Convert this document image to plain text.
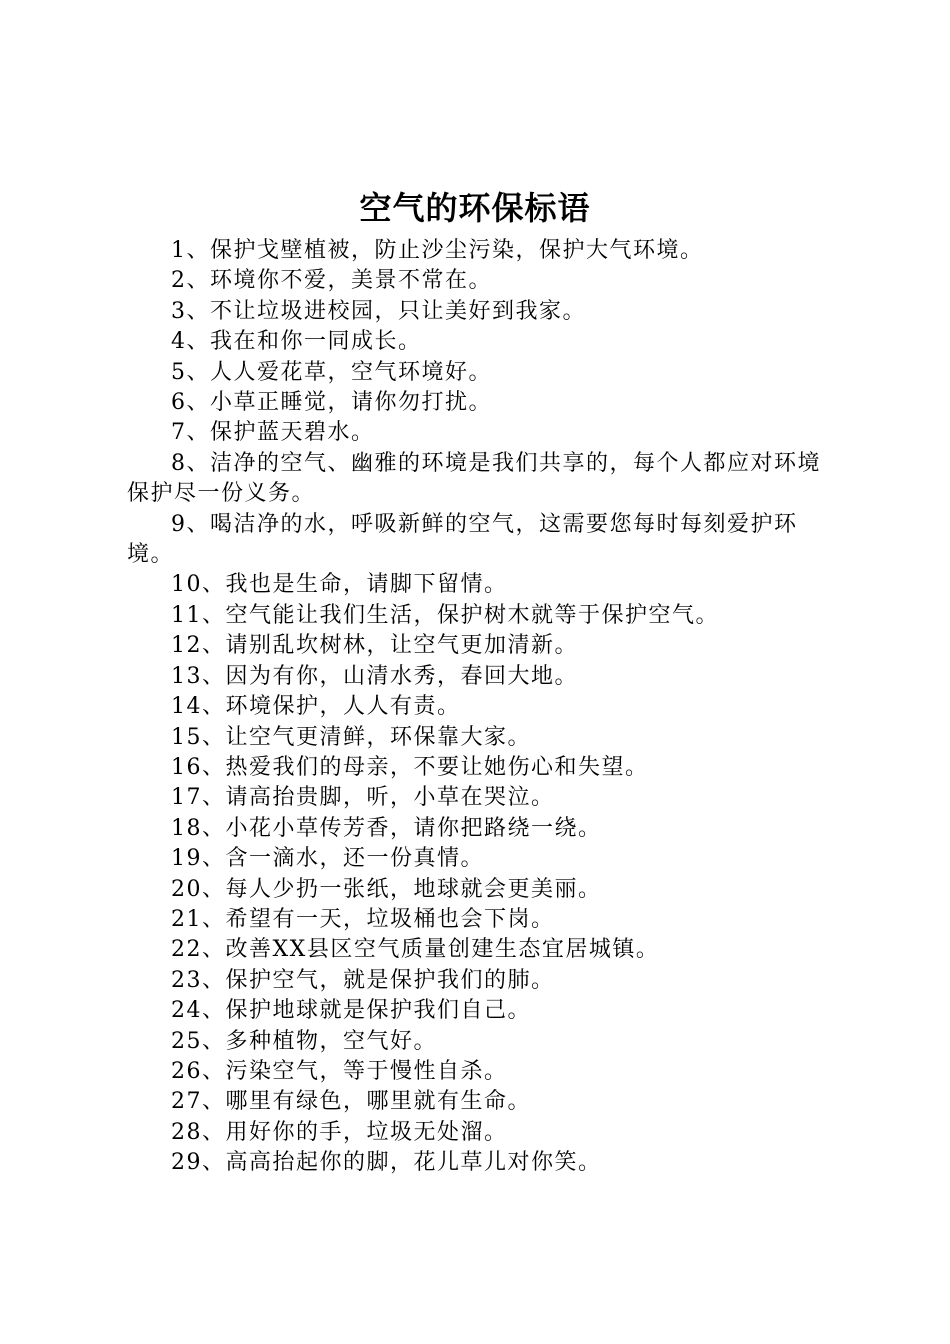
空气的环保标语
1、保护戈壁植被，防止沙尘污染，保护大气环境。
2、环境你不爱，美景不常在。
3、不让垃圾进校园，只让美好到我家。
4、我在和你一同成长。
5、人人爱花草，空气环境好。
6、小草正睡觉，请你勿打扰。
7、保护蓝天碧水。
8、洁净的空气、幽雅的环境是我们共享的，每个人都应对环境保护尽一份义务。
9、喝洁净的水，呼吸新鲜的空气，这需要您每时每刻爱护环境。
10、我也是生命，请脚下留情。
11、空气能让我们生活，保护树木就等于保护空气。
12、请别乱坎树林，让空气更加清新。
13、因为有你，山清水秀，春回大地。
14、环境保护，人人有责。
15、让空气更清鲜，环保靠大家。
16、热爱我们的母亲，不要让她伤心和失望。
17、请高抬贵脚，听，小草在哭泣。
18、小花小草传芳香，请你把路绕一绕。
19、含一滴水，还一份真情。
20、每人少扔一张纸，地球就会更美丽。
21、希望有一天，垃圾桶也会下岗。
22、改善XX县区空气质量创建生态宜居城镇。
23、保护空气，就是保护我们的肺。
24、保护地球就是保护我们自己。
25、多种植物，空气好。
26、污染空气，等于慢性自杀。
27、哪里有绿色，哪里就有生命。
28、用好你的手，垃圾无处溜。
29、高高抬起你的脚，花儿草儿对你笑。
